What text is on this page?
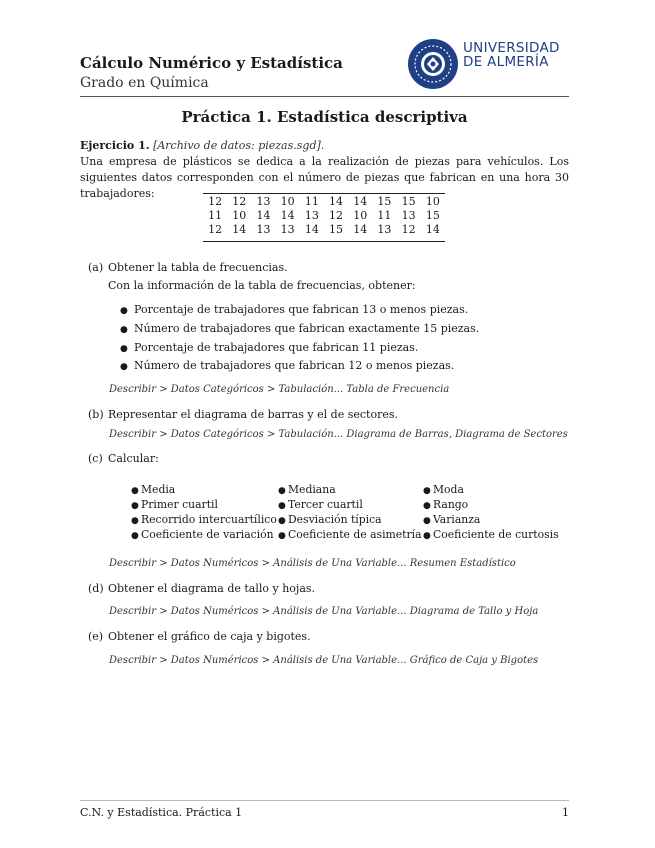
Cálculo Numérico y Estadística
Grado en Química
UNIVERSIDAD
DE ALMERÍA
Práctica 1. Estadística descriptiva
Ejercicio 1. [Archivo de datos: piezas.sgd].
Una empresa de plásticos se dedica a la realización de piezas para vehículos. Los siguientes datos corresponden con el número de piezas que fabrican en una hora 30 trabajadores:
12	12	13	10	11	14	14	15	15	10
11	10	14	14	13	12	10	11	13	15
12	14	13	13	14	15	14	13	12	14
(a) Obtener la tabla de frecuencias.
Con la información de la tabla de frecuencias, obtener:
● Porcentaje de trabajadores que fabrican 13 o menos piezas.
● Número de trabajadores que fabrican exactamente 15 piezas.
● Porcentaje de trabajadores que fabrican 11 piezas.
● Número de trabajadores que fabrican 12 o menos piezas.
Describir > Datos Categóricos > Tabulación... Tabla de Frecuencia
(b) Representar el diagrama de barras y el de sectores.
Describir > Datos Categóricos > Tabulación... Diagrama de Barras, Diagrama de Sectores
(c) Calcular:
● Media	● Mediana	● Moda
● Primer cuartil	● Tercer cuartil	● Rango
● Recorrido intercuartílico ● Desviación típica	● Varianza
● Coeficiente de variación ● Coeficiente de asimetría ● Coeficiente de curtosis
Describir > Datos Numéricos > Análisis de Una Variable... Resumen Estadístico
(d) Obtener el diagrama de tallo y hojas.
Describir > Datos Numéricos > Análisis de Una Variable... Diagrama de Tallo y Hoja
(e) Obtener el gráfico de caja y bigotes.
Describir > Datos Numéricos > Análisis de Una Variable... Gráfico de Caja y Bigotes
C.N. y Estadística. Práctica 1	1
